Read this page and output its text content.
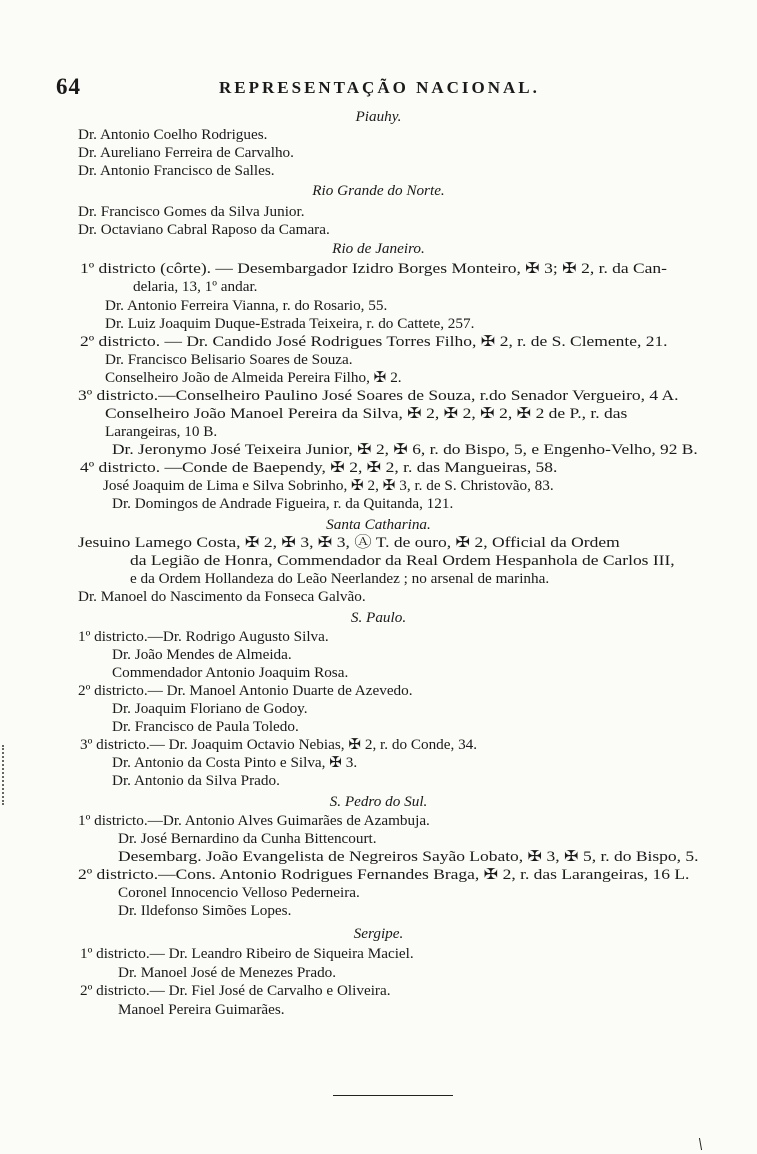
64	REPRESENTAÇÃO NACIONAL.
Piauhy.
Dr. Antonio Coelho Rodrigues.
Dr. Aureliano Ferreira de Carvalho.
Dr. Antonio Francisco de Salles.
Rio Grande do Norte.
Dr. Francisco Gomes da Silva Junior.
Dr. Octaviano Cabral Raposo da Camara.
Rio de Janeiro.
1º districto (côrte). — Desembargador Izidro Borges Monteiro, ✠ 3; ✠ 2, r. da Can-
delaria, 13, 1º andar.
Dr. Antonio Ferreira Vianna, r. do Rosario, 55.
Dr. Luiz Joaquim Duque-Estrada Teixeira, r. do Cattete, 257.
2º districto. — Dr. Candido José Rodrigues Torres Filho, ✠ 2, r. de S. Clemente, 21.
Dr. Francisco Belisario Soares de Souza.
Conselheiro João de Almeida Pereira Filho, ✠ 2.
3º districto.—Conselheiro Paulino José Soares de Souza, r.do Senador Vergueiro, 4 A.
Conselheiro João Manoel Pereira da Silva, ✠ 2, ✠ 2, ✠ 2, ✠ 2 de P., r. das
Larangeiras, 10 B.
Dr. Jeronymo José Teixeira Junior, ✠ 2, ✠ 6, r. do Bispo, 5, e Engenho-Velho, 92 B.
4º districto. —Conde de Baependy, ✠ 2, ✠ 2, r. das Mangueiras, 58.
José Joaquim de Lima e Silva Sobrinho, ✠ 2, ✠ 3, r. de S. Christovão, 83.
Dr. Domingos de Andrade Figueira, r. da Quitanda, 121.
Santa Catharina.
Jesuino Lamego Costa, ✠ 2, ✠ 3, ✠ 3, Ⓐ T. de ouro, ✠ 2, Official da Ordem
da Legião de Honra, Commendador da Real Ordem Hespanhola de Carlos III,
e da Ordem Hollandeza do Leão Neerlandez ; no arsenal de marinha.
Dr. Manoel do Nascimento da Fonseca Galvão.
S. Paulo.
1º districto.—Dr. Rodrigo Augusto Silva.
Dr. João Mendes de Almeida.
Commendador Antonio Joaquim Rosa.
2º districto.— Dr. Manoel Antonio Duarte de Azevedo.
Dr. Joaquim Floriano de Godoy.
Dr. Francisco de Paula Toledo.
3º districto.— Dr. Joaquim Octavio Nebias, ✠ 2, r. do Conde, 34.
Dr. Antonio da Costa Pinto e Silva, ✠ 3.
Dr. Antonio da Silva Prado.
S. Pedro do Sul.
1º districto.—Dr. Antonio Alves Guimarães de Azambuja.
Dr. José Bernardino da Cunha Bittencourt.
Desembarg. João Evangelista de Negreiros Sayão Lobato, ✠ 3, ✠ 5, r. do Bispo, 5.
2º districto.—Cons. Antonio Rodrigues Fernandes Braga, ✠ 2, r. das Larangeiras, 16 L.
Coronel Innocencio Velloso Pederneira.
Dr. Ildefonso Simões Lopes.
Sergipe.
1º districto.— Dr. Leandro Ribeiro de Siqueira Maciel.
Dr. Manoel José de Menezes Prado.
2º districto.— Dr. Fiel José de Carvalho e Oliveira.
Manoel Pereira Guimarães.
